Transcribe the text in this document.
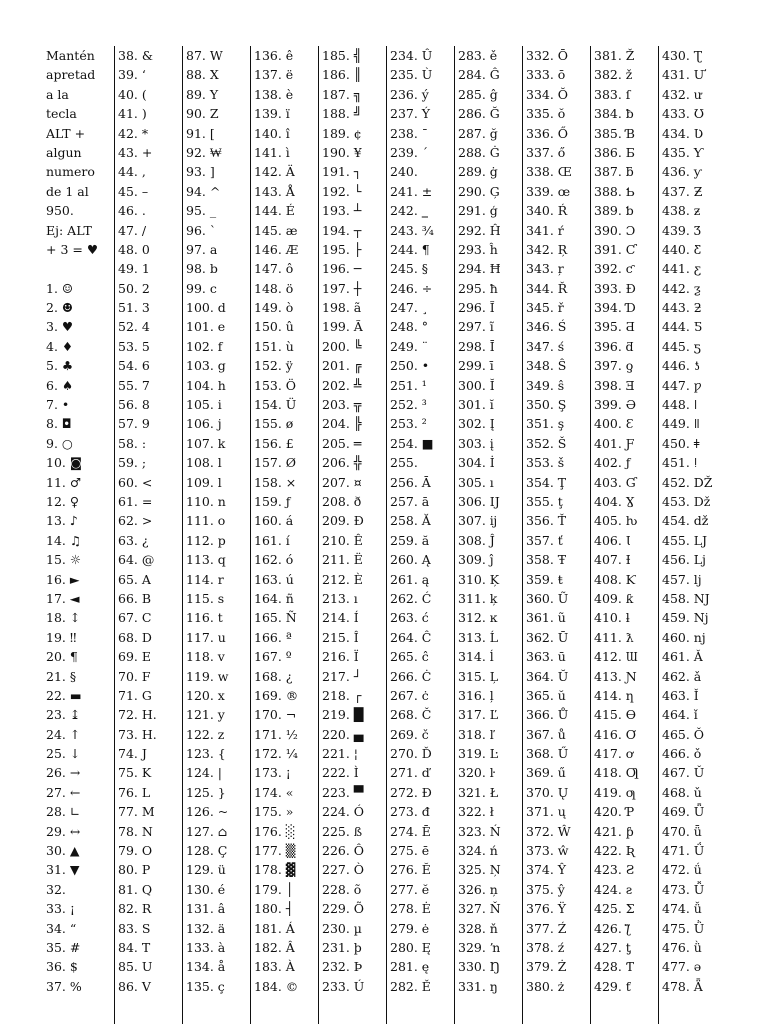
Mantén
apretad
a la
tecla
ALT +
algun
numero
de 1 al
950.
Ej: ALT
+ 3 = ♥
1. ☺
2. ☻
3. ♥
4. ♦
5. ♣
6. ♠
7. •
8. ◘
9. ○
10. ◙
11. ♂
12. ♀
13. ♪
14. ♫
15. ☼
16. ►
17. ◄
18. ↕
19. ‼
20. ¶
21. §
22. ▬
23. ↨
24. ↑
25. ↓
26. →
27. ←
28. ∟
29. ↔
30. ▲
31. ▼
32.
33. ¡
34. “
35. #
36. $
37. %
38. &
39. ‘
40. (
41. )
42. *
43. +
44. ,
45. –
46. .
47. /
48. 0
49. 1
50. 2
51. 3
52. 4
53. 5
54. 6
55. 7
56. 8
57. 9
58. :
59. ;
60. <
61. =
62. >
63. ¿
64. @
65. A
66. B
67. C
68. D
69. E
70. F
71. G
72. H.
73. H.
74. J
75. K
76. L
77. M
78. N
79. O
80. P
81. Q
82. R
83. S
84. T
85. U
86. V
87. W
88. X
89. Y
90. Z
91. [
92. ₩
93. ]
94. ^
95. _
96. `
97. a
98. b
99. c
100. d
101. e
102. f
103. g
104. h
105. i
106. j
107. k
108. l
109. l
110. n
111. o
112. p
113. q
114. r
115. s
116. t
117. u
118. v
119. w
120. x
121. y
122. z
123. {
124. |
125. }
126. ~
127. ⌂
128. Ç
129. ü
130. é
131. â
132. ä
133. à
134. å
135. ç
136. ê
137. ë
138. è
139. ï
140. î
141. ì
142. Ä
143. Å
144. É
145. æ
146. Æ
147. ô
148. ö
149. ò
150. û
151. ù
152. ÿ
153. Ö
154. Ü
155. ø
156. £
157. Ø
158. ×
159. ƒ
160. á
161. í
162. ó
163. ú
164. ñ
165. Ñ
166. ª
167. º
168. ¿
169. ®
170. ¬
171. ½
172. ¼
173. ¡
174. «
175. »
176. ░
177. ▒
178. ▓
179. │
180. ┤
181. Á
182. Â
183. À
184. ©
185. ╣
186. ║
187. ╗
188. ╝
189. ¢
190. ¥
191. ┐
192. └
193. ┴
194. ┬
195. ├
196. ─
197. ┼
198. ã
199. Ã
200. ╚
201. ╔
202. ╩
203. ╦
204. ╠
205. ═
206. ╬
207. ¤
208. ð
209. Ð
210. Ê
211. Ë
212. È
213. ı
214. Í
215. Î
216. Ï
217. ┘
218. ┌
219. █
220. ▄
221. ¦
222. Ì
223. ▀
224. Ó
225. ß
226. Ô
227. Ò
228. õ
229. Õ
230. µ
231. þ
232. Þ
233. Ú
234. Û
235. Ù
236. ý
237. Ý
238. ¯
239. ´
240.
241. ±
242. ‗
243. ¾
244. ¶
245. §
246. ÷
247. ¸
248. °
249. ¨
250. •
251. ¹
252. ³
253. ²
254. ■
255.
256. Ā
257. ā
258. Ă
259. ă
260. Ą
261. ą
262. Ć
263. ć
264. Ĉ
265. ĉ
266. Ċ
267. ċ
268. Č
269. č
270. Ď
271. ď
272. Đ
273. đ
274. Ē
275. ē
276. Ĕ
277. ĕ
278. Ė
279. ė
280. Ę
281. ę
282. Ě
283. ě
284. Ĝ
285. ĝ
286. Ğ
287. ğ
288. Ġ
289. ġ
290. Ģ
291. ģ
292. Ĥ
293. ĥ
294. Ħ
295. ħ
296. Ĩ
297. ĩ
298. Ī
299. ī
300. Ĭ
301. ĭ
302. Į
303. į
304. İ
305. ı
306. Ĳ
307. ĳ
308. Ĵ
309. ĵ
310. Ķ
311. ķ
312. ĸ
313. Ĺ
314. ĺ
315. Ļ
316. ļ
317. Ľ
318. ľ
319. Ŀ
320. ŀ
321. Ł
322. ł
323. Ń
324. ń
325. Ņ
326. ņ
327. Ň
328. ň
329. ŉ
330. Ŋ
331. ŋ
332. Ō
333. ō
334. Ŏ
335. ŏ
336. Ő
337. ő
338. Œ
339. œ
340. Ŕ
341. ŕ
342. Ŗ
343. ŗ
344. Ř
345. ř
346. Ś
347. ś
348. Ŝ
349. ŝ
350. Ş
351. ş
352. Š
353. š
354. Ţ
355. ţ
356. Ť
357. ť
358. Ŧ
359. ŧ
360. Ũ
361. ũ
362. Ū
363. ū
364. Ŭ
365. ŭ
366. Ů
367. ů
368. Ű
369. ű
370. Ų
371. ų
372. Ŵ
373. ŵ
374. Ŷ
375. ŷ
376. Ÿ
377. Ź
378. ź
379. Ż
380. ż
381. Ž
382. ž
383. ſ
384. ƀ
385. Ɓ
386. Ƃ
387. ƃ
388. Ƅ
389. ƅ
390. Ɔ
391. Ƈ
392. ƈ
393. Ɖ
394. Ɗ
395. Ƌ
396. ƌ
397. ƍ
398. Ǝ
399. Ə
400. Ɛ
401. Ƒ
402. ƒ
403. Ɠ
404. Ɣ
405. ƕ
406. Ɩ
407. Ɨ
408. Ƙ
409. ƙ
410. ƚ
411. ƛ
412. Ɯ
413. Ɲ
414. ƞ
415. Ɵ
416. Ơ
417. ơ
418. Ƣ
419. ƣ
420. Ƥ
421. ƥ
422. Ʀ
423. Ƨ
424. ƨ
425. Ʃ
426. ƪ
427. ƫ
428. Ƭ
429. ƭ
430. Ʈ
431. Ư
432. ư
433. Ʊ
434. Ʋ
435. Ƴ
436. ƴ
437. Ƶ
438. ƶ
439. Ʒ
440. Ƹ
441. ƹ
442. ƺ
443. ƻ
444. Ƽ
445. ƽ
446. ƾ
447. ƿ
448. ǀ
449. ǁ
450. ǂ
451. ǃ
452. Ǆ
453. ǅ
454. ǆ
455. Ǉ
456. ǈ
457. ǉ
458. Ǌ
459. ǋ
460. ǌ
461. Ǎ
462. ǎ
463. Ǐ
464. ǐ
465. Ǒ
466. ǒ
467. Ǔ
468. ǔ
469. Ǖ
470. ǖ
471. Ǘ
472. ǘ
473. Ǚ
474. ǚ
475. Ǜ
476. ǜ
477. ǝ
478. Ǟ
